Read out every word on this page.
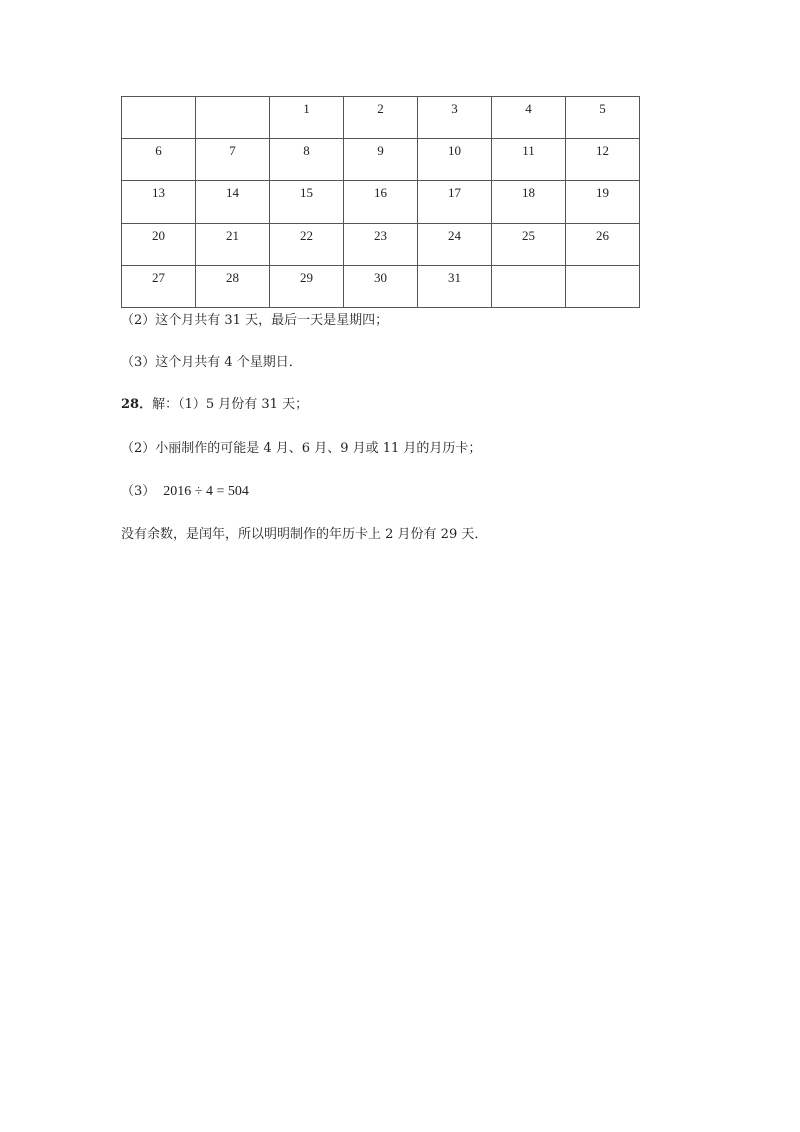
		1	2	3	4	5

6	7	8	9	10	11	12

13	14	15	16	17	18	19

20	21	22	23	24	25	26

27	28	29	30	31		

（2）这个月共有 31 天，最后一天是星期四；
（3）这个月共有 4 个星期日．
28．解：（1）5 月份有 31 天；
（2）小丽制作的可能是 4 月、6 月、9 月或 11 月的月历卡；
（3） 2016 ÷ 4 = 504
没有余数，是闰年，所以明明制作的年历卡上 2 月份有 29 天．
